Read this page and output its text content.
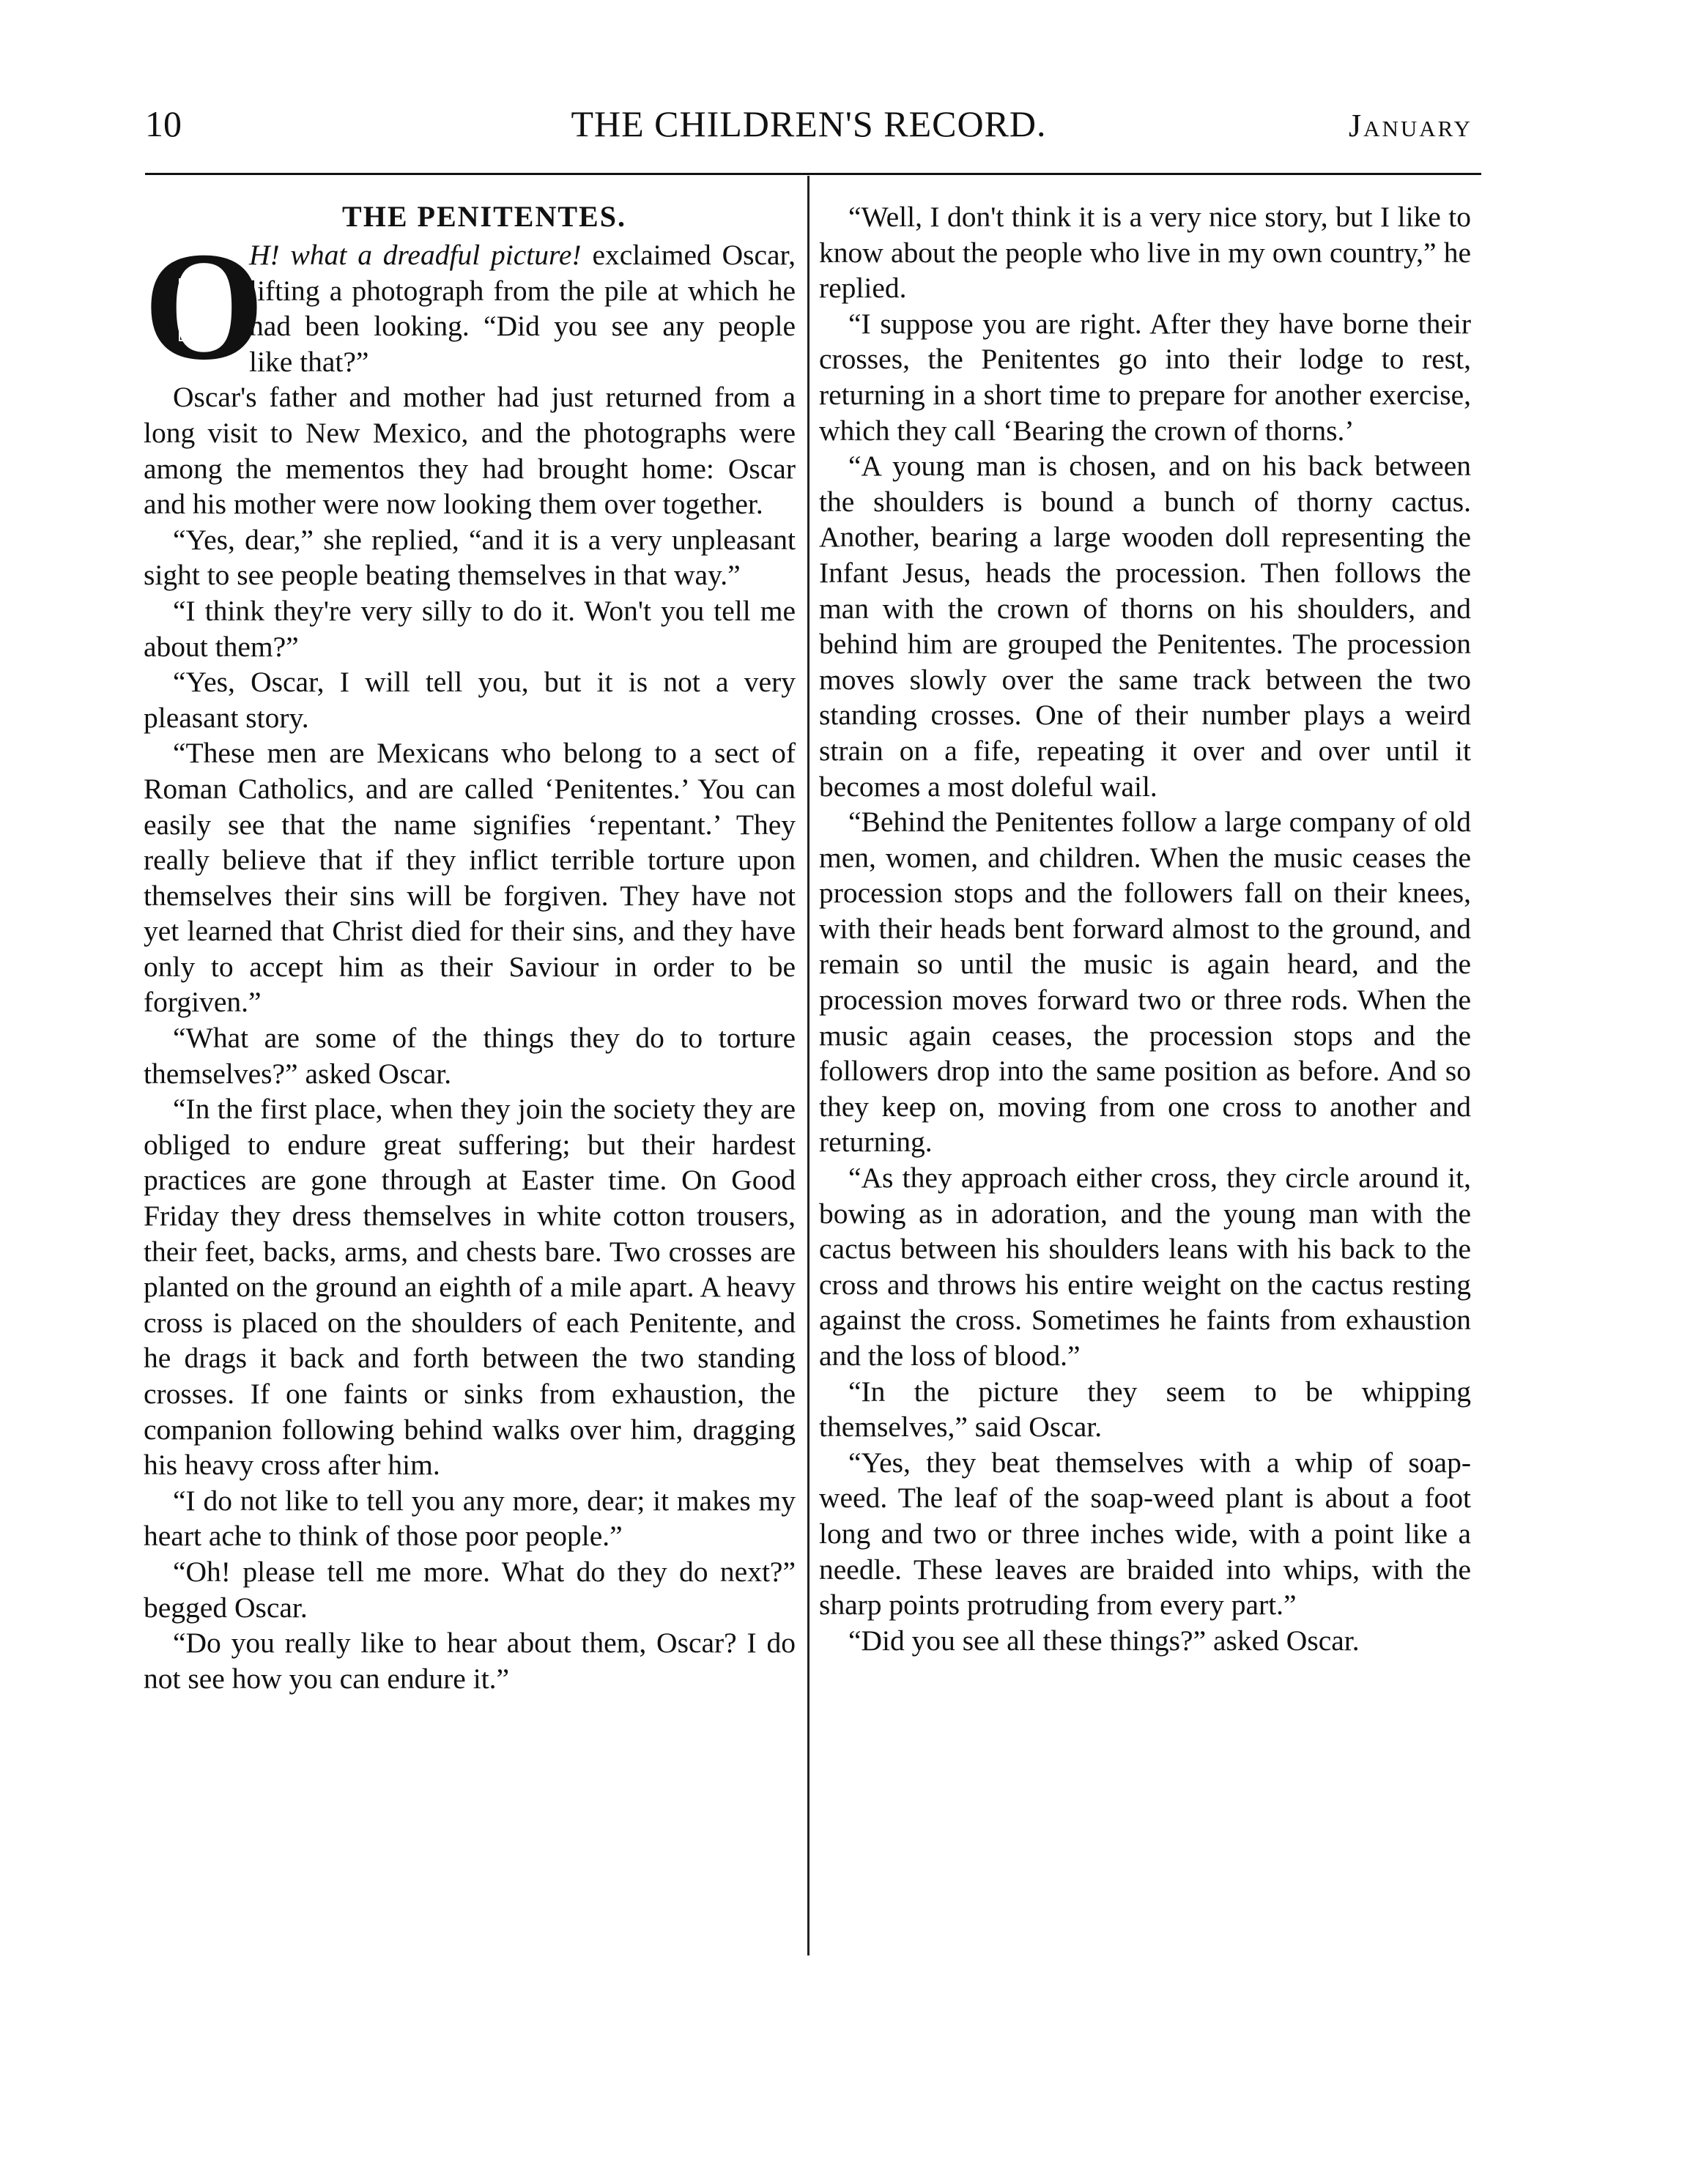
10	THE CHILDREN'S RECORD.	January
THE PENITENTES.
O

H! what a dreadful picture! exclaimed Oscar, lifting a photograph from the pile at which he had been looking. “Did you see any people like that?”

Oscar's father and mother had just returned from a long visit to New Mexico, and the photographs were among the mementos they had brought home: Oscar and his mother were now looking them over together.

“Yes, dear,” she replied, “and it is a very unpleasant sight to see people beating themselves in that way.”

“I think they're very silly to do it. Won't you tell me about them?”

“Yes, Oscar, I will tell you, but it is not a very pleasant story.

“These men are Mexicans who belong to a sect of Roman Catholics, and are called ‘Penitentes.’ You can easily see that the name signifies ‘repentant.’ They really believe that if they inflict terrible torture upon themselves their sins will be forgiven. They have not yet learned that Christ died for their sins, and they have only to accept him as their Saviour in order to be forgiven.”

“What are some of the things they do to torture themselves?” asked Oscar.

“In the first place, when they join the society they are obliged to endure great suffering; but their hardest practices are gone through at Easter time. On Good Friday they dress themselves in white cotton trousers, their feet, backs, arms, and chests bare. Two crosses are planted on the ground an eighth of a mile apart. A heavy cross is placed on the shoulders of each Penitente, and he drags it back and forth between the two standing crosses. If one faints or sinks from exhaustion, the companion following behind walks over him, dragging his heavy cross after him.

“I do not like to tell you any more, dear; it makes my heart ache to think of those poor people.”

“Oh! please tell me more. What do they do next?” begged Oscar.

“Do you really like to hear about them, Oscar? I do not see how you can endure it.”

“Well, I don't think it is a very nice story, but I like to know about the people who live in my own country,” he replied.

“I suppose you are right. After they have borne their crosses, the Penitentes go into their lodge to rest, returning in a short time to prepare for another exercise, which they call ‘Bearing the crown of thorns.’

“A young man is chosen, and on his back between the shoulders is bound a bunch of thorny cactus. Another, bearing a large wooden doll representing the Infant Jesus, heads the procession. Then follows the man with the crown of thorns on his shoulders, and behind him are grouped the Penitentes. The procession moves slowly over the same track between the two standing crosses. One of their number plays a weird strain on a fife, repeating it over and over until it becomes a most doleful wail.

“Behind the Penitentes follow a large company of old men, women, and children. When the music ceases the procession stops and the followers fall on their knees, with their heads bent forward almost to the ground, and remain so until the music is again heard, and the procession moves forward two or three rods. When the music again ceases, the procession stops and the followers drop into the same position as before. And so they keep on, moving from one cross to another and returning.

“As they approach either cross, they circle around it, bowing as in adoration, and the young man with the cactus between his shoulders leans with his back to the cross and throws his entire weight on the cactus resting against the cross. Sometimes he faints from exhaustion and the loss of blood.”

“In the picture they seem to be whipping themselves,” said Oscar.

“Yes, they beat themselves with a whip of soap-weed. The leaf of the soap-weed plant is about a foot long and two or three inches wide, with a point like a needle. These leaves are braided into whips, with the sharp points protruding from every part.”

“Did you see all these things?” asked Oscar.
